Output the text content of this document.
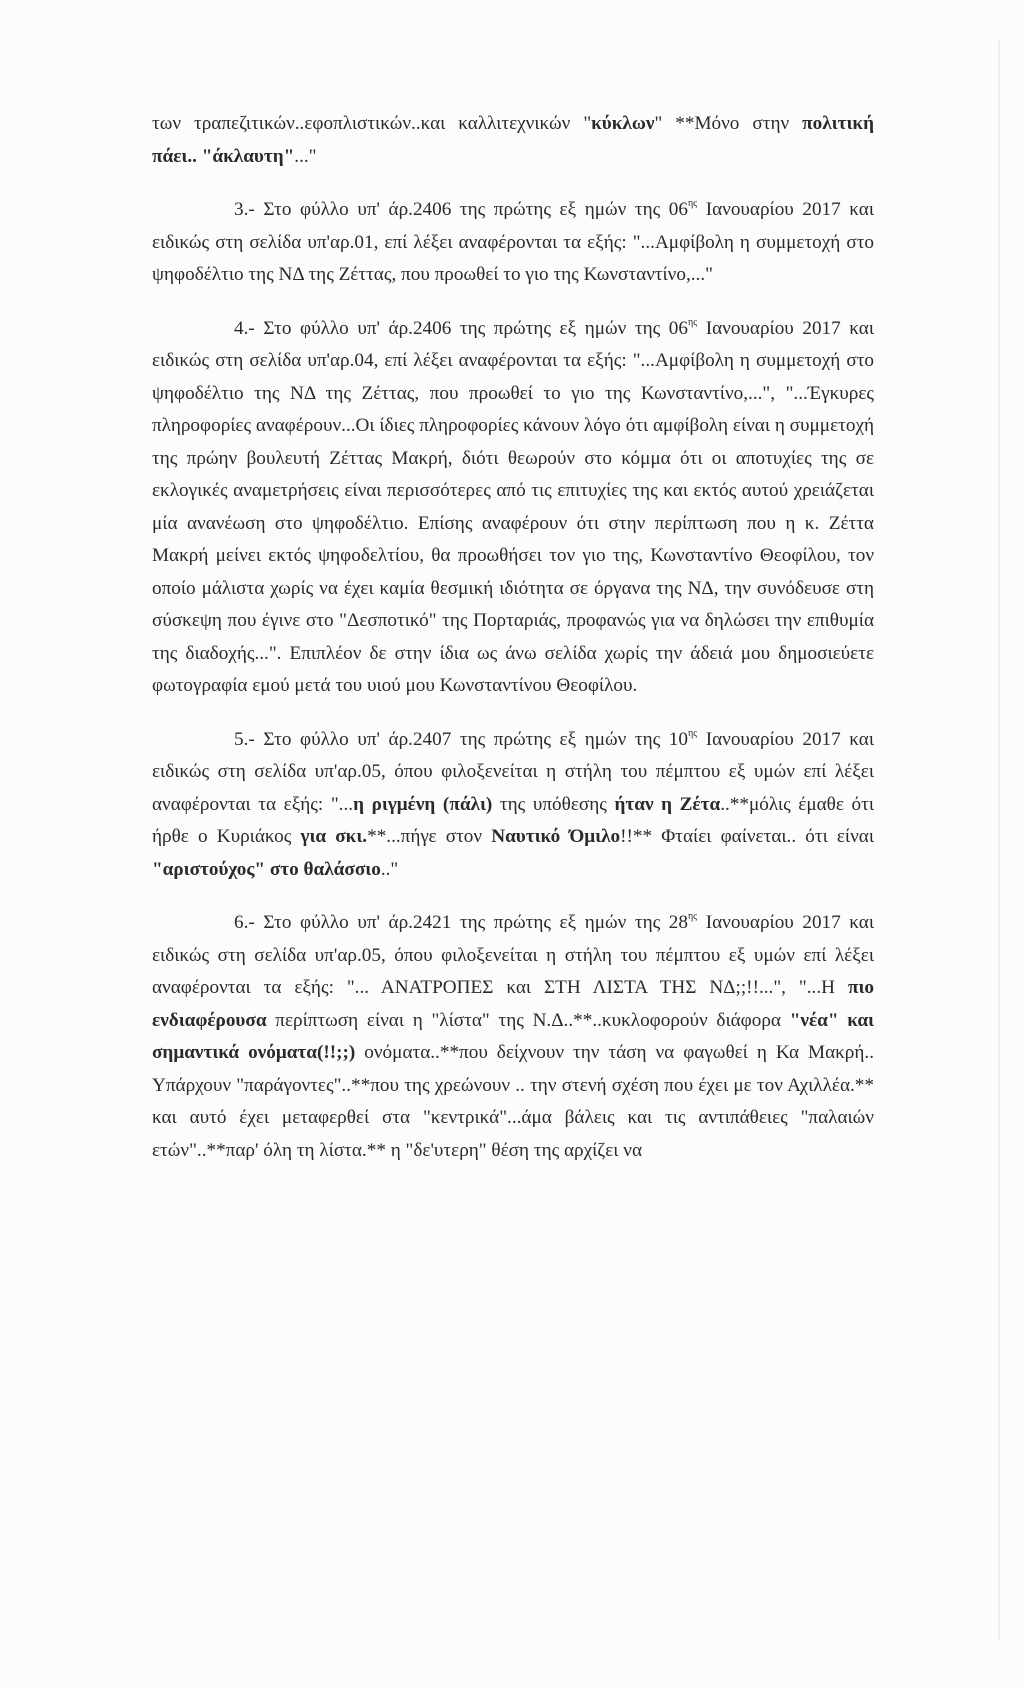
των τραπεζιτικών..εφοπλιστικών..και καλλιτεχνικών "κύκλων" **Μόνο στην πολιτική πάει.. "άκλαυτη"..."

3.- Στο φύλλο υπ' άρ.2406 της πρώτης εξ ημών της $06^{\eta\varsigma}$ Ιανουαρίου 2017 και ειδικώς στη σελίδα υπ'αρ.01, επί λέξει αναφέρονται τα εξής: "...Αμφίβολη η συμμετοχή στο ψηφοδέλτιο της ΝΔ της Ζέττας, που προωθεί το γιο της Κωνσταντίνο,..."

4.- Στο φύλλο υπ' άρ.2406 της πρώτης εξ ημών της $06^{\eta\varsigma}$ Ιανουαρίου 2017 και ειδικώς στη σελίδα υπ'αρ.04, επί λέξει αναφέρονται τα εξής: "...Αμφίβολη η συμμετοχή στο ψηφοδέλτιο της ΝΔ της Ζέττας, που προωθεί το γιο της Κωνσταντίνο,...", "...Έγκυρες πληροφορίες αναφέρουν...Οι ίδιες πληροφορίες κάνουν λόγο ότι αμφίβολη είναι η συμμετοχή της πρώην βουλευτή Ζέττας Μακρή, διότι θεωρούν στο κόμμα ότι οι αποτυχίες της σε εκλογικές αναμετρήσεις είναι περισσότερες από τις επιτυχίες της και εκτός αυτού χρειάζεται μία ανανέωση στο ψηφοδέλτιο. Επίσης αναφέρουν ότι στην περίπτωση που η κ. Ζέττα Μακρή μείνει εκτός ψηφοδελτίου, θα προωθήσει τον γιο της, Κωνσταντίνο Θεοφίλου, τον οποίο μάλιστα χωρίς να έχει καμία θεσμική ιδιότητα σε όργανα της ΝΔ, την συνόδευσε στη σύσκεψη που έγινε στο "Δεσποτικό" της Πορταριάς, προφανώς για να δηλώσει την επιθυμία της διαδοχής...". Επιπλέον δε στην ίδια ως άνω σελίδα χωρίς την άδειά μου δημοσιεύετε φωτογραφία εμού μετά του υιού μου Κωνσταντίνου Θεοφίλου.

5.- Στο φύλλο υπ' άρ.2407 της πρώτης εξ ημών της $10^{\eta\varsigma}$ Ιανουαρίου 2017 και ειδικώς στη σελίδα υπ'αρ.05, όπου φιλοξενείται η στήλη του πέμπτου εξ υμών επί λέξει αναφέρονται τα εξής: "...η ριγμένη (πάλι) της υπόθεσης ήταν η Ζέτα..**μόλις έμαθε ότι ήρθε ο Κυριάκος για σκι.**...πήγε στον Ναυτικό Όμιλο!!** Φταίει φαίνεται.. ότι είναι "αριστούχος" στο θαλάσσιο.."

6.- Στο φύλλο υπ' άρ.2421 της πρώτης εξ ημών της $28^{\eta\varsigma}$ Ιανουαρίου 2017 και ειδικώς στη σελίδα υπ'αρ.05, όπου φιλοξενείται η στήλη του πέμπτου εξ υμών επί λέξει αναφέρονται τα εξής: "... ΑΝΑΤΡΟΠΕΣ και ΣΤΗ ΛΙΣΤΑ ΤΗΣ ΝΔ;;!!...", "...Η πιο ενδιαφέρουσα περίπτωση είναι η "λίστα" της Ν.Δ..**..κυκλοφορούν διάφορα "νέα" και σημαντικά ονόματα(!!;;) ονόματα..**που δείχνουν την τάση να φαγωθεί η Κα Μακρή.. Υπάρχουν "παράγοντες"..**που της χρεώνουν .. την στενή σχέση που έχει με τον Αχιλλέα.** και αυτό έχει μεταφερθεί στα "κεντρικά"...άμα βάλεις και τις αντιπάθειες "παλαιών ετών"..**παρ' όλη τη λίστα.** η "δε'υτερη" θέση της αρχίζει να
